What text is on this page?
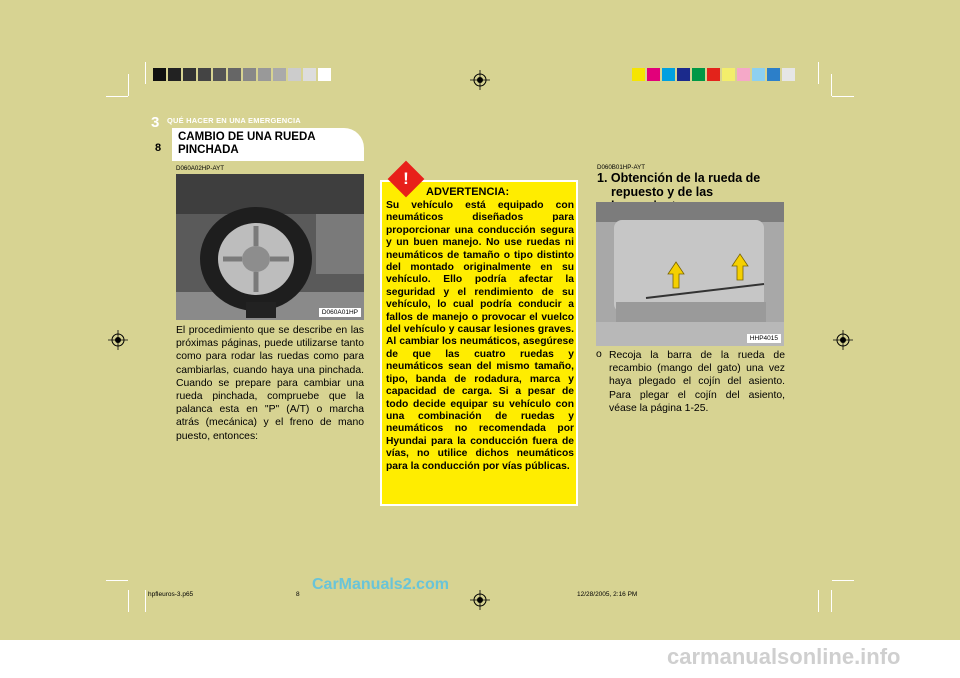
3 QUÉ HACER EN UNA EMERGENCIA
CAMBIO DE UNA RUEDA PINCHADA
8
D060A02HP-AYT
D060A01HP
El procedimiento que se describe en las próximas páginas, puede utilizarse tanto como para rodar las ruedas como para cambiarlas, cuando haya una pinchada. Cuando se prepare para cambiar una rueda pinchada, compruebe que la palanca esta en "P" (A/T) o marcha atrás (mecánica) y el freno de mano puesto, entonces:
!
ADVERTENCIA:
Su vehículo está equipado con neumáticos diseñados para proporcionar una conducción segura y un buen manejo. No use ruedas ni neumáticos de tamaño o tipo distinto del montado originalmente en su vehículo. Ello podría afectar la seguridad y el rendimiento de su vehículo, lo cual podría conducir a fallos de manejo o provocar el vuelco del vehículo y causar lesiones graves. Al cambiar los neumáticos, asegúrese de que las cuatro ruedas y neumáticos sean del mismo tamaño, tipo, banda de rodadura, marca y capacidad de carga. Si a pesar de todo decide equipar su vehículo con una combinación de ruedas y neumáticos no recomendada por Hyundai para la conducción fuera de vías, no utilice dichos neumáticos para la conducción por vías públicas.
D060B01HP-AYT
1. Obtención de la rueda de
repuesto y de las
HHP4015
o Recoja la barra de la rueda de recambio (mango del gato) una vez haya plegado el cojín del asiento. Para plegar el cojín del asiento, véase la página 1-25.
hpfleuros-3.p65	8	12/28/2005, 2:16 PM
CarManuals2.com
carmanualsonline.info
